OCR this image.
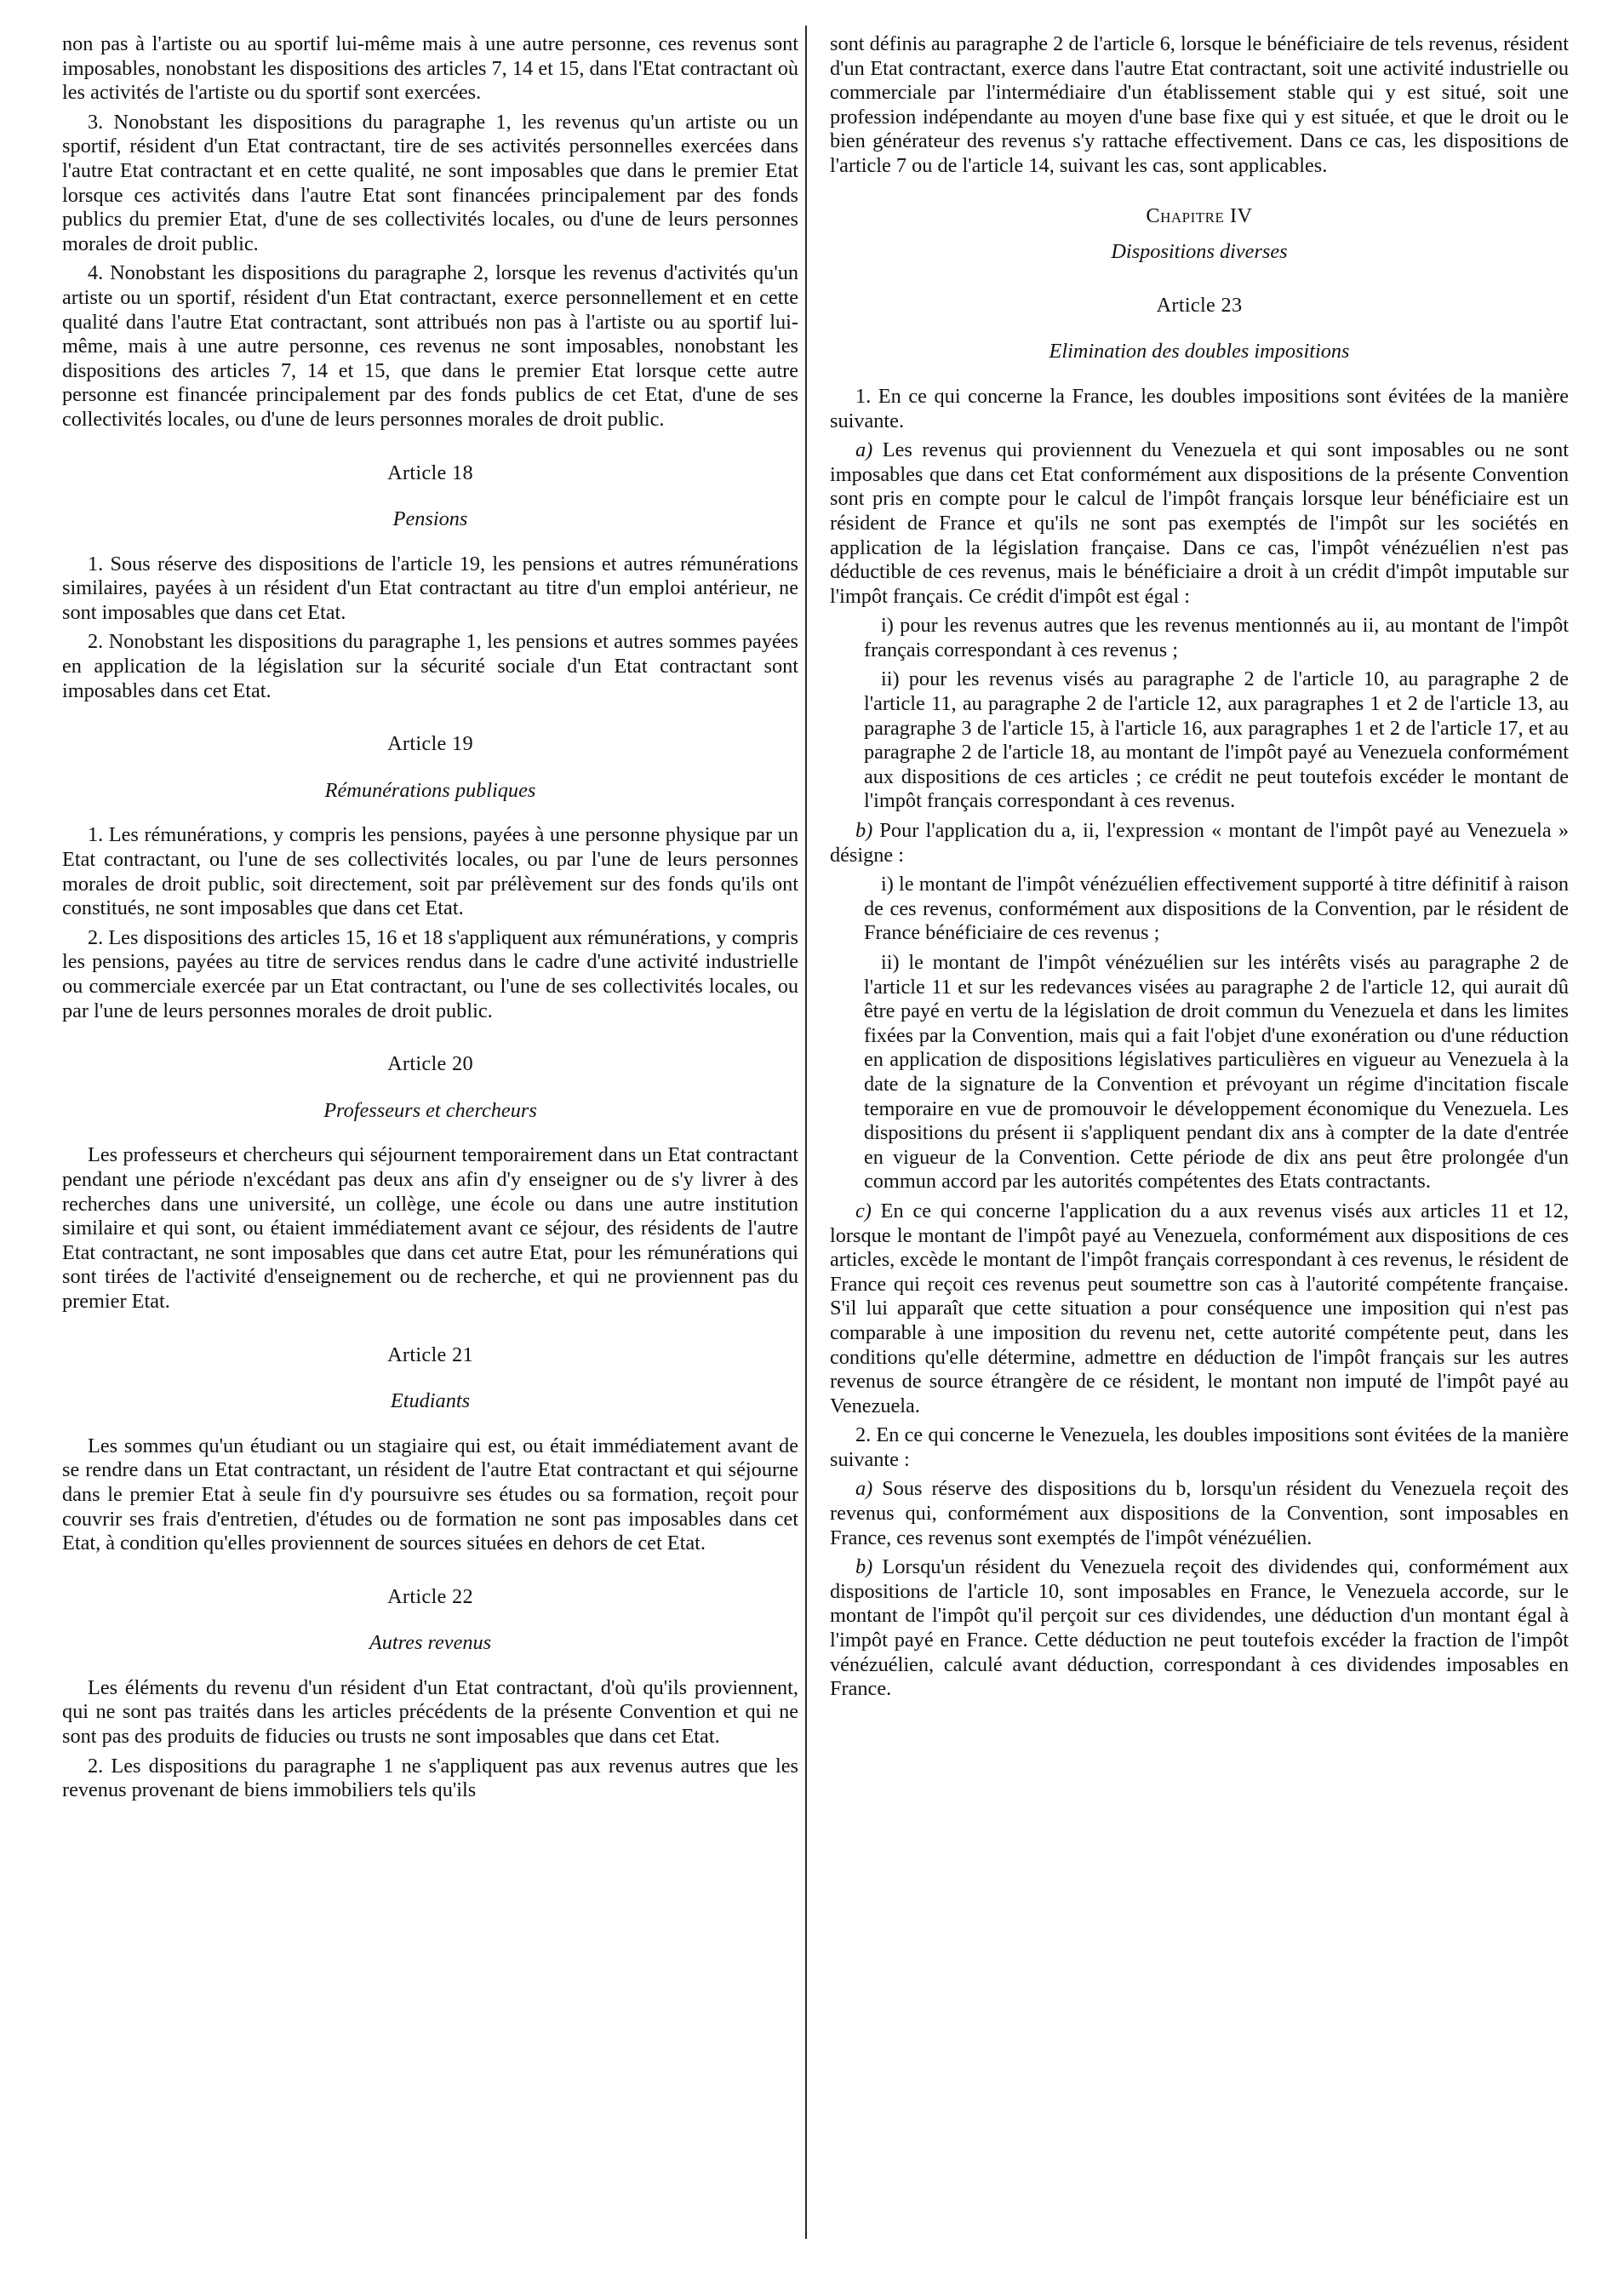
non pas à l'artiste ou au sportif lui-même mais à une autre personne, ces revenus sont imposables, nonobstant les dispositions des articles 7, 14 et 15, dans l'Etat contractant où les activités de l'artiste ou du sportif sont exercées.

3. Nonobstant les dispositions du paragraphe 1, les revenus qu'un artiste ou un sportif, résident d'un Etat contractant, tire de ses activités personnelles exercées dans l'autre Etat contractant et en cette qualité, ne sont imposables que dans le premier Etat lorsque ces activités dans l'autre Etat sont financées principalement par des fonds publics du premier Etat, d'une de ses collectivités locales, ou d'une de leurs personnes morales de droit public.

4. Nonobstant les dispositions du paragraphe 2, lorsque les revenus d'activités qu'un artiste ou un sportif, résident d'un Etat contractant, exerce personnellement et en cette qualité dans l'autre Etat contractant, sont attribués non pas à l'artiste ou au sportif lui-même, mais à une autre personne, ces revenus ne sont imposables, nonobstant les dispositions des articles 7, 14 et 15, que dans le premier Etat lorsque cette autre personne est financée principalement par des fonds publics de cet Etat, d'une de ses collectivités locales, ou d'une de leurs personnes morales de droit public.

Article 18
Pensions

1. Sous réserve des dispositions de l'article 19, les pensions et autres rémunérations similaires, payées à un résident d'un Etat contractant au titre d'un emploi antérieur, ne sont imposables que dans cet Etat.

2. Nonobstant les dispositions du paragraphe 1, les pensions et autres sommes payées en application de la législation sur la sécurité sociale d'un Etat contractant sont imposables dans cet Etat.

Article 19
Rémunérations publiques

1. Les rémunérations, y compris les pensions, payées à une personne physique par un Etat contractant, ou l'une de ses collectivités locales, ou par l'une de leurs personnes morales de droit public, soit directement, soit par prélèvement sur des fonds qu'ils ont constitués, ne sont imposables que dans cet Etat.

2. Les dispositions des articles 15, 16 et 18 s'appliquent aux rémunérations, y compris les pensions, payées au titre de services rendus dans le cadre d'une activité industrielle ou commerciale exercée par un Etat contractant, ou l'une de ses collectivités locales, ou par l'une de leurs personnes morales de droit public.

Article 20
Professeurs et chercheurs

Les professeurs et chercheurs qui séjournent temporairement dans un Etat contractant pendant une période n'excédant pas deux ans afin d'y enseigner ou de s'y livrer à des recherches dans une université, un collège, une école ou dans une autre institution similaire et qui sont, ou étaient immédiatement avant ce séjour, des résidents de l'autre Etat contractant, ne sont imposables que dans cet autre Etat, pour les rémunérations qui sont tirées de l'activité d'enseignement ou de recherche, et qui ne proviennent pas du premier Etat.

Article 21
Etudiants

Les sommes qu'un étudiant ou un stagiaire qui est, ou était immédiatement avant de se rendre dans un Etat contractant, un résident de l'autre Etat contractant et qui séjourne dans le premier Etat à seule fin d'y poursuivre ses études ou sa formation, reçoit pour couvrir ses frais d'entretien, d'études ou de formation ne sont pas imposables dans cet Etat, à condition qu'elles proviennent de sources situées en dehors de cet Etat.

Article 22
Autres revenus

Les éléments du revenu d'un résident d'un Etat contractant, d'où qu'ils proviennent, qui ne sont pas traités dans les articles précédents de la présente Convention et qui ne sont pas des produits de fiducies ou trusts ne sont imposables que dans cet Etat.

2. Les dispositions du paragraphe 1 ne s'appliquent pas aux revenus autres que les revenus provenant de biens immobiliers tels qu'ils

sont définis au paragraphe 2 de l'article 6, lorsque le bénéficiaire de tels revenus, résident d'un Etat contractant, exerce dans l'autre Etat contractant, soit une activité industrielle ou commerciale par l'intermédiaire d'un établissement stable qui y est situé, soit une profession indépendante au moyen d'une base fixe qui y est située, et que le droit ou le bien générateur des revenus s'y rattache effectivement. Dans ce cas, les dispositions de l'article 7 ou de l'article 14, suivant les cas, sont applicables.

Chapitre IV
Dispositions diverses
Article 23
Elimination des doubles impositions

1. En ce qui concerne la France, les doubles impositions sont évitées de la manière suivante.

a) Les revenus qui proviennent du Venezuela et qui sont imposables ou ne sont imposables que dans cet Etat conformément aux dispositions de la présente Convention sont pris en compte pour le calcul de l'impôt français lorsque leur bénéficiaire est un résident de France et qu'ils ne sont pas exemptés de l'impôt sur les sociétés en application de la législation française. Dans ce cas, l'impôt vénézuélien n'est pas déductible de ces revenus, mais le bénéficiaire a droit à un crédit d'impôt imputable sur l'impôt français. Ce crédit d'impôt est égal :

i) pour les revenus autres que les revenus mentionnés au ii, au montant de l'impôt français correspondant à ces revenus ;

ii) pour les revenus visés au paragraphe 2 de l'article 10, au paragraphe 2 de l'article 11, au paragraphe 2 de l'article 12, aux paragraphes 1 et 2 de l'article 13, au paragraphe 3 de l'article 15, à l'article 16, aux paragraphes 1 et 2 de l'article 17, et au paragraphe 2 de l'article 18, au montant de l'impôt payé au Venezuela conformément aux dispositions de ces articles ; ce crédit ne peut toutefois excéder le montant de l'impôt français correspondant à ces revenus.

b) Pour l'application du a, ii, l'expression « montant de l'impôt payé au Venezuela » désigne :

i) le montant de l'impôt vénézuélien effectivement supporté à titre définitif à raison de ces revenus, conformément aux dispositions de la Convention, par le résident de France bénéficiaire de ces revenus ;

ii) le montant de l'impôt vénézuélien sur les intérêts visés au paragraphe 2 de l'article 11 et sur les redevances visées au paragraphe 2 de l'article 12, qui aurait dû être payé en vertu de la législation de droit commun du Venezuela et dans les limites fixées par la Convention, mais qui a fait l'objet d'une exonération ou d'une réduction en application de dispositions législatives particulières en vigueur au Venezuela à la date de la signature de la Convention et prévoyant un régime d'incitation fiscale temporaire en vue de promouvoir le développement économique du Venezuela. Les dispositions du présent ii s'appliquent pendant dix ans à compter de la date d'entrée en vigueur de la Convention. Cette période de dix ans peut être prolongée d'un commun accord par les autorités compétentes des Etats contractants.

c) En ce qui concerne l'application du a aux revenus visés aux articles 11 et 12, lorsque le montant de l'impôt payé au Venezuela, conformément aux dispositions de ces articles, excède le montant de l'impôt français correspondant à ces revenus, le résident de France qui reçoit ces revenus peut soumettre son cas à l'autorité compétente française. S'il lui apparaît que cette situation a pour conséquence une imposition qui n'est pas comparable à une imposition du revenu net, cette autorité compétente peut, dans les conditions qu'elle détermine, admettre en déduction de l'impôt français sur les autres revenus de source étrangère de ce résident, le montant non imputé de l'impôt payé au Venezuela.

2. En ce qui concerne le Venezuela, les doubles impositions sont évitées de la manière suivante :

a) Sous réserve des dispositions du b, lorsqu'un résident du Venezuela reçoit des revenus qui, conformément aux dispositions de la Convention, sont imposables en France, ces revenus sont exemptés de l'impôt vénézuélien.

b) Lorsqu'un résident du Venezuela reçoit des dividendes qui, conformément aux dispositions de l'article 10, sont imposables en France, le Venezuela accorde, sur le montant de l'impôt qu'il perçoit sur ces dividendes, une déduction d'un montant égal à l'impôt payé en France. Cette déduction ne peut toutefois excéder la fraction de l'impôt vénézuélien, calculé avant déduction, correspondant à ces dividendes imposables en France.
